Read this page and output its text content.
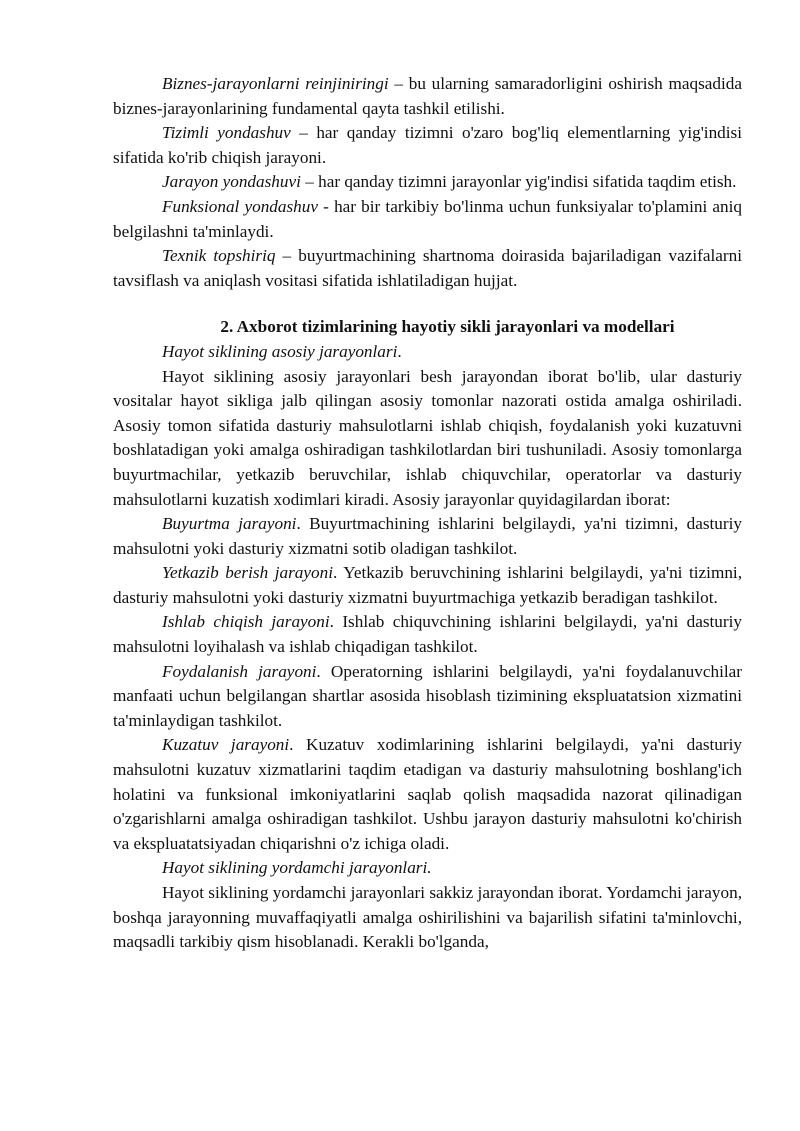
Biznes-jarayonlarni reinjiniringi – bu ularning samaradorligini oshirish maqsadida biznes-jarayonlarining fundamental qayta tashkil etilishi.

Tizimli yondashuv – har qanday tizimni o'zaro bog'liq elementlarning yig'indisi sifatida ko'rib chiqish jarayoni.

Jarayon yondashuvi – har qanday tizimni jarayonlar yig'indisi sifatida taqdim etish.

Funksional yondashuv - har bir tarkibiy bo'linma uchun funksiyalar to'plamini aniq belgilashni ta'minlaydi.

Texnik topshiriq – buyurtmachining shartnoma doirasida bajariladigan vazifalarni tavsiflash va aniqlash vositasi sifatida ishlatiladigan hujjat.

2. Axborot tizimlarining hayotiy sikli jarayonlari va modellari

Hayot siklining asosiy jarayonlari.

Hayot siklining asosiy jarayonlari besh jarayondan iborat bo'lib, ular dasturiy vositalar hayot sikliga jalb qilingan asosiy tomonlar nazorati ostida amalga oshiriladi. Asosiy tomon sifatida dasturiy mahsulotlarni ishlab chiqish, foydalanish yoki kuzatuvni boshlatadigan yoki amalga oshiradigan tashkilotlardan biri tushuniladi. Asosiy tomonlarga buyurtmachilar, yetkazib beruvchilar, ishlab chiquvchilar, operatorlar va dasturiy mahsulotlarni kuzatish xodimlari kiradi. Asosiy jarayonlar quyidagilardan iborat:

Buyurtma jarayoni. Buyurtmachining ishlarini belgilaydi, ya'ni tizimni, dasturiy mahsulotni yoki dasturiy xizmatni sotib oladigan tashkilot.

Yetkazib berish jarayoni. Yetkazib beruvchining ishlarini belgilaydi, ya'ni tizimni, dasturiy mahsulotni yoki dasturiy xizmatni buyurtmachiga yetkazib beradigan tashkilot.

Ishlab chiqish jarayoni. Ishlab chiquvchining ishlarini belgilaydi, ya'ni dasturiy mahsulotni loyihalash va ishlab chiqadigan tashkilot.

Foydalanish jarayoni. Operatorning ishlarini belgilaydi, ya'ni foydalanuvchilar manfaati uchun belgilangan shartlar asosida hisoblash tizimining ekspluatatsion xizmatini ta'minlaydigan tashkilot.

Kuzatuv jarayoni. Kuzatuv xodimlarining ishlarini belgilaydi, ya'ni dasturiy mahsulotni kuzatuv xizmatlarini taqdim etadigan va dasturiy mahsulotning boshlang'ich holatini va funksional imkoniyatlarini saqlab qolish maqsadida nazorat qilinadigan o'zgarishlarni amalga oshiradigan tashkilot. Ushbu jarayon dasturiy mahsulotni ko'chirish va ekspluatatsiyadan chiqarishni o'z ichiga oladi.

Hayot siklining yordamchi jarayonlari.

Hayot siklining yordamchi jarayonlari sakkiz jarayondan iborat. Yordamchi jarayon, boshqa jarayonning muvaffaqiyatli amalga oshirilishini va bajarilish sifatini ta'minlovchi, maqsadli tarkibiy qism hisoblanadi. Kerakli bo'lganda,
